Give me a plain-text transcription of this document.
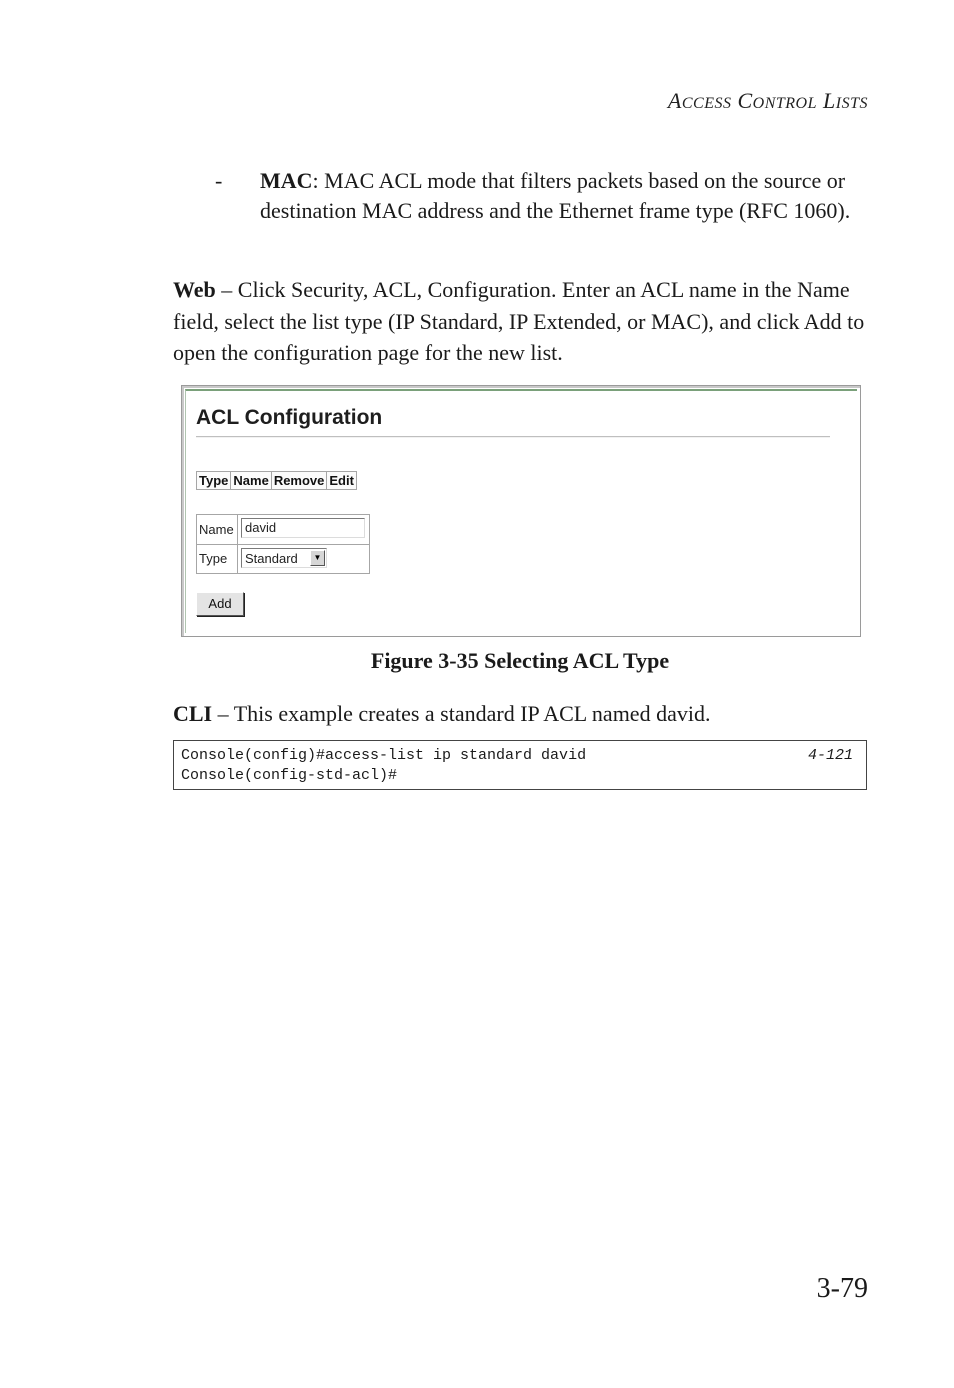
ACCESS CONTROL LISTS
- MAC: MAC ACL mode that filters packets based on the source or destination MAC address and the Ethernet frame type (RFC 1060).
Web – Click Security, ACL, Configuration. Enter an ACL name in the Name field, select the list type (IP Standard, IP Extended, or MAC), and click Add to open the configuration page for the new list.
ACL Configuration
Type	Name	Remove	Edit
Name david
Type	Standard	▼
Add
Figure 3-35 Selecting ACL Type
CLI – This example creates a standard IP ACL named david.
Console(config)#access-list ip standard david	4-121
Console(config-std-acl)#
3-79
